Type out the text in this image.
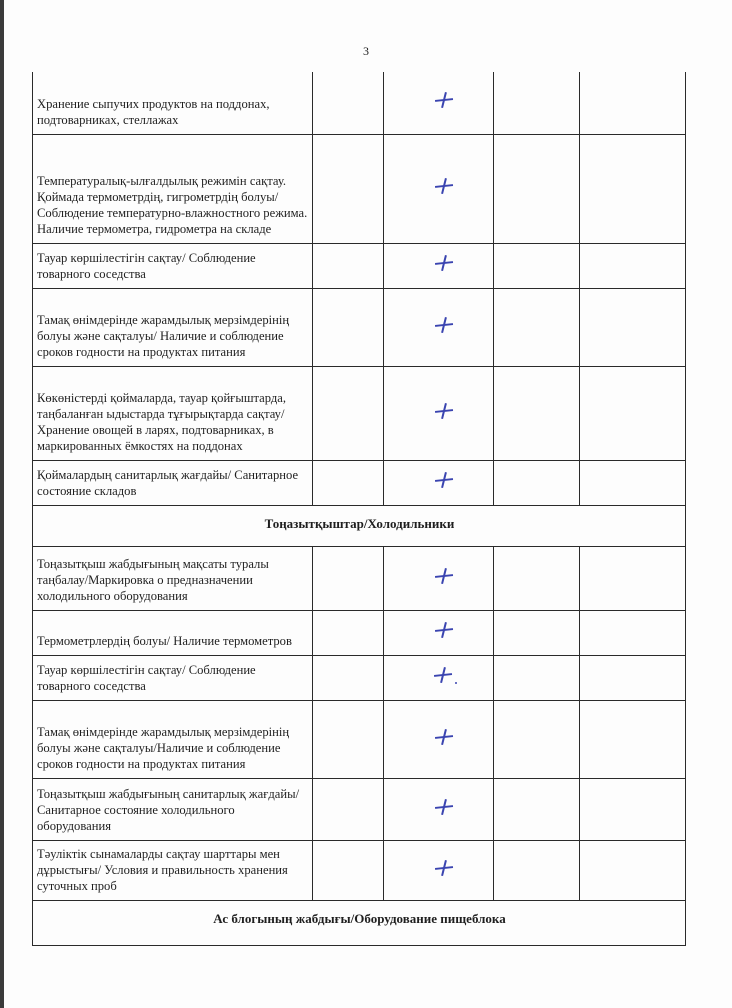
3
Хранение сыпучих продуктов на поддонах, подтоварниках, стеллажах				
Температуралық-ылғалдылық режимін сақтау. Қоймада термометрдің, гигрометрдің болуы/ Соблюдение температурно-влажностного режима. Наличие термометра, гидрометра на складе				
Тауар көршілестігін сақтау/ Соблюдение товарного соседства				
Тамақ өнімдерінде жарамдылық мерзімдерінің болуы және сақталуы/ Наличие и соблюдение сроков годности на продуктах питания				
Көкөністерді қоймаларда, тауар қойғыштарда, таңбаланған ыдыстарда тұғырықтарда сақтау/ Хранение овощей в ларях, подтоварниках, в маркированных ёмкостях на поддонах				
Қоймалардың санитарлық жағдайы/ Санитарное состояние складов				
Тоңазытқыштар/Холодильники				
Тоңазытқыш жабдығының мақсаты туралы таңбалау/Маркировка о предназначении холодильного оборудования				
Термометрлердің болуы/ Наличие термометров				
Тауар көршілестігін сақтау/ Соблюдение товарного соседства				
Тамақ өнімдерінде жарамдылық мерзімдерінің болуы және сақталуы/Наличие и соблюдение сроков годности на продуктах питания				
Тоңазытқыш жабдығының санитарлық жағдайы/ Санитарное состояние холодильного оборудования				
Тәуліктік сынамаларды сақтау шарттары мен дұрыстығы/ Условия и правильность хранения суточных проб				
Ас блогының жабдығы/Оборудование пищеблока				
